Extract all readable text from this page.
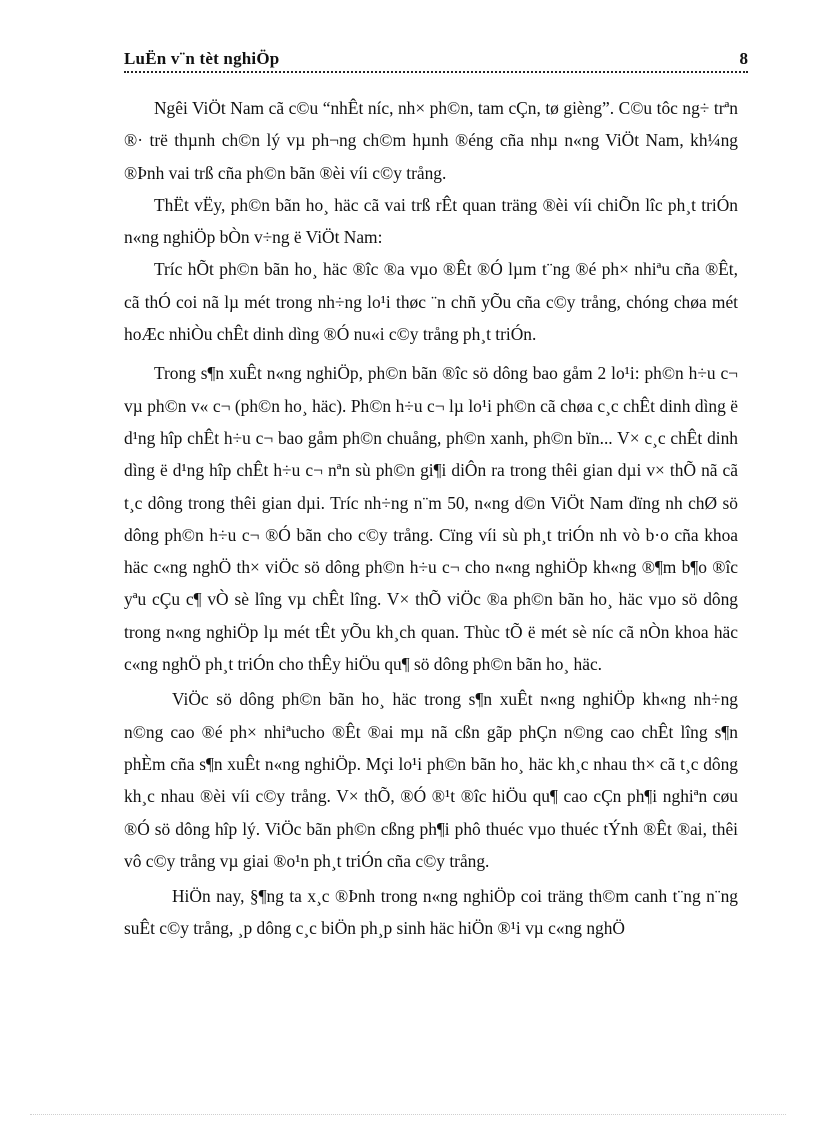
LuËn v¨n tèt nghiÖp	8

Ngêi ViÖt Nam cã c©u “nhÊt níc, nh× ph©n, tam cÇn, tø gièng”. C©u tôc ng÷ trªn ®· trë thµnh ch©n lý vµ ph¬ng ch©m hµnh ®éng cña nhµ n«ng ViÖt Nam, kh¼ng ®Þnh vai trß cña ph©n bãn ®èi víi c©y trång.

ThËt vËy, ph©n bãn ho¸ häc cã vai trß rÊt quan träng ®èi víi chiÕn lîc ph¸t triÓn n«ng nghiÖp bÒn v÷ng ë ViÖt Nam:

Tríc hÕt ph©n bãn ho¸ häc ®îc ®a vµo ®Êt ®Ó lµm t¨ng ®é ph× nhiªu cña ®Êt, cã thÓ coi nã lµ mét trong nh÷ng lo¹i thøc ¨n chñ yÕu cña c©y trång, chóng chøa mét hoÆc nhiÒu chÊt dinh dìng ®Ó nu«i c©y trång ph¸t triÓn.

Trong s¶n xuÊt n«ng nghiÖp, ph©n bãn ®îc sö dông bao gåm 2 lo¹i: ph©n h÷u c¬ vµ ph©n v« c¬ (ph©n ho¸ häc). Ph©n h÷u c¬ lµ lo¹i ph©n cã chøa c¸c chÊt dinh dìng ë d¹ng hîp chÊt h÷u c¬ bao gåm ph©n chuång, ph©n xanh, ph©n bïn... V× c¸c chÊt dinh dìng ë d¹ng hîp chÊt h÷u c¬ nªn sù ph©n gi¶i diÔn ra trong thêi gian dµi v× thÕ nã cã t¸c dông trong thêi gian dµi. Tríc nh÷ng n¨m 50, n«ng d©n ViÖt Nam dïng nh chØ sö dông ph©n h÷u c¬ ®Ó bãn cho c©y trång. Cïng víi sù ph¸t triÓn nh vò b·o cña khoa häc c«ng nghÖ th× viÖc sö dông ph©n h÷u c¬ cho n«ng nghiÖp kh«ng ®¶m b¶o ®îc yªu cÇu c¶ vÒ sè lîng vµ chÊt lîng. V× thÕ viÖc ®a ph©n bãn ho¸ häc vµo sö dông trong n«ng nghiÖp lµ mét tÊt yÕu kh¸ch quan. Thùc tÕ ë mét sè níc cã nÒn khoa häc c«ng nghÖ ph¸t triÓn cho thÊy hiÖu qu¶ sö dông ph©n bãn ho¸ häc.

ViÖc sö dông ph©n bãn ho¸ häc trong s¶n xuÊt n«ng nghiÖp kh«ng nh÷ng n©ng cao ®é ph× nhiªucho ®Êt ®ai mµ nã cßn gãp phÇn n©ng cao chÊt lîng s¶n phÈm cña s¶n xuÊt n«ng nghiÖp. Mçi lo¹i ph©n bãn ho¸ häc kh¸c nhau th× cã t¸c dông kh¸c nhau ®èi víi c©y trång. V× thÕ, ®Ó ®¹t ®îc hiÖu qu¶ cao cÇn ph¶i nghiªn cøu ®Ó sö dông hîp lý. ViÖc bãn ph©n cßng ph¶i phô thuéc vµo thuéc tÝnh ®Êt ®ai, thêi vô c©y trång vµ giai ®o¹n ph¸t triÓn cña c©y trång.

HiÖn nay, §¶ng ta x¸c ®Þnh trong n«ng nghiÖp coi träng th©m canh t¨ng n¨ng suÊt c©y trång, ¸p dông c¸c biÖn ph¸p sinh häc hiÖn ®¹i vµ c«ng nghÖ
